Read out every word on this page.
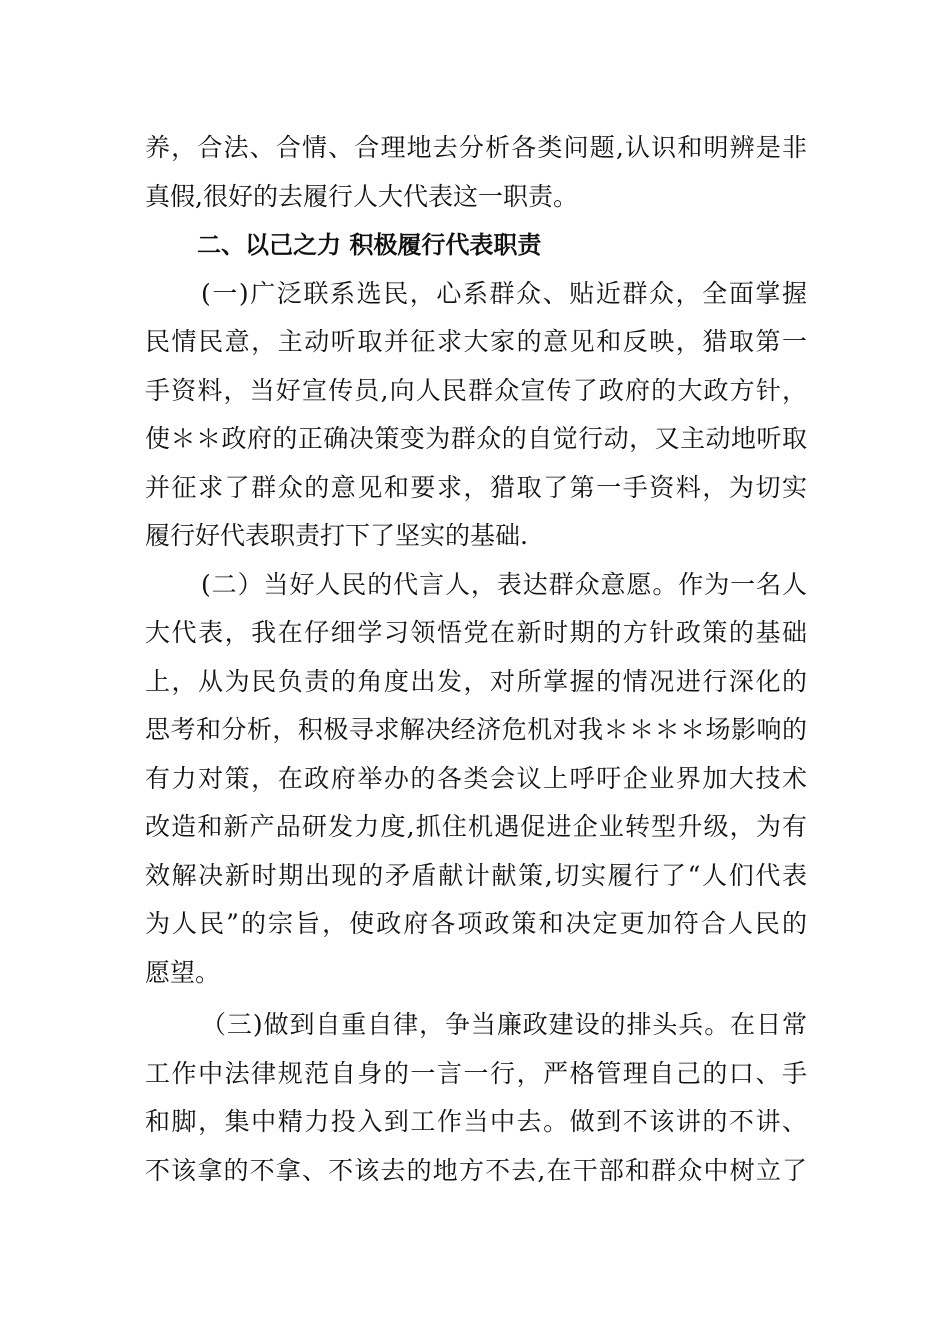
养，合法、合情、合理地去分析各类问题,认识和明辨是非
真假,很好的去履行人大代表这一职责。
二、以己之力 积极履行代表职责
(一)广泛联系选民，心系群众、贴近群众，全面掌握
民情民意，主动听取并征求大家的意见和反映，猎取第一
手资料，当好宣传员,向人民群众宣传了政府的大政方针，
使＊＊政府的正确决策变为群众的自觉行动，又主动地听取
并征求了群众的意见和要求，猎取了第一手资料，为切实
履行好代表职责打下了坚实的基础.
(二）当好人民的代言人，表达群众意愿。作为一名人
大代表，我在仔细学习领悟党在新时期的方针政策的基础
上，从为民负责的角度出发，对所掌握的情况进行深化的
思考和分析，积极寻求解决经济危机对我＊＊＊＊场影响的
有力对策，在政府举办的各类会议上呼吁企业界加大技术
改造和新产品研发力度,抓住机遇促进企业转型升级，为有
效解决新时期出现的矛盾献计献策,切实履行了“人们代表
为人民”的宗旨，使政府各项政策和决定更加符合人民的
愿望。
（三)做到自重自律，争当廉政建设的排头兵。在日常
工作中法律规范自身的一言一行，严格管理自己的口、手
和脚，集中精力投入到工作当中去。做到不该讲的不讲、
不该拿的不拿、不该去的地方不去,在干部和群众中树立了
